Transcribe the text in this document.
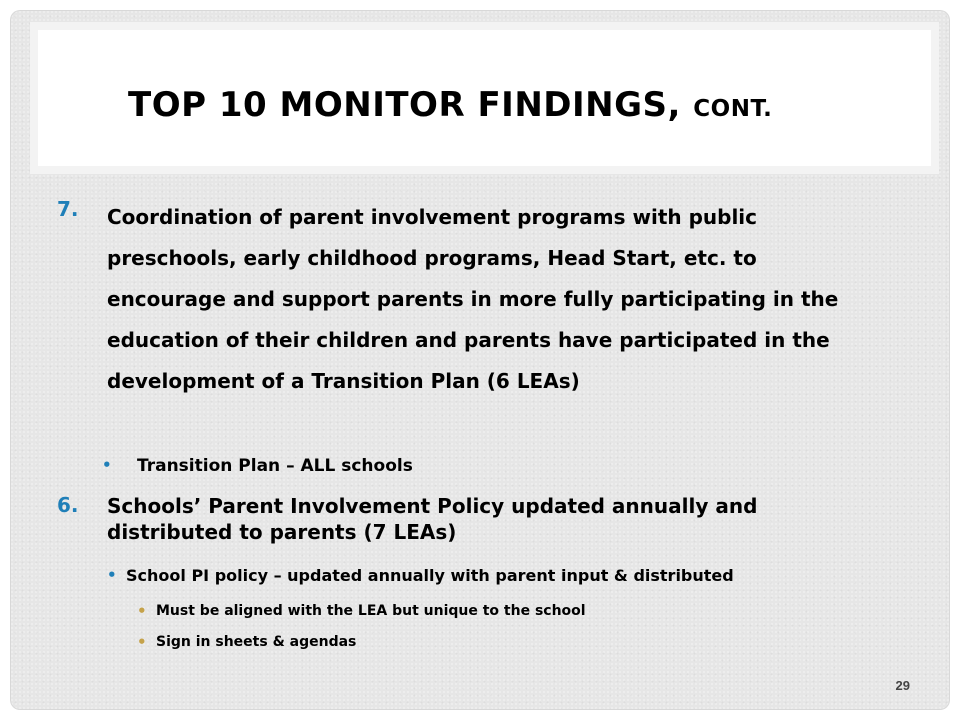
TOP 10 MONITOR FINDINGS, CONT.
7. Coordination of parent involvement programs with public preschools, early childhood programs, Head Start, etc. to encourage and support parents in more fully participating in the education of their children and parents have participated in the development of a Transition Plan (6 LEAs)

• Transition Plan – ALL schools
6. Schools’ Parent Involvement Policy updated annually and distributed to parents (7 LEAs)

• School PI policy – updated annually with parent input & distributed
• Must be aligned with the LEA but unique to the school
• Sign in sheets & agendas
29
